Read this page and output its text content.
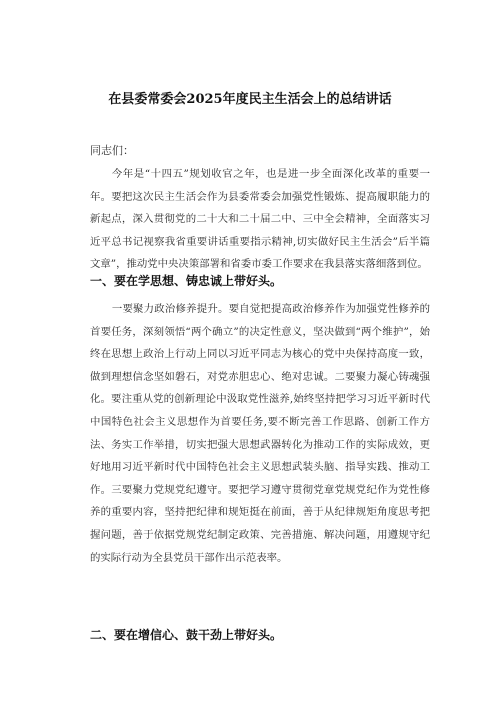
在县委常委会2025年度民主生活会上的总结讲话
同志们：
今年是“十四五”规划收官之年，也是进一步全面深化改革的重要一年。要把这次民主生活会作为县委常委会加强党性锻炼、提高履职能力的新起点，深入贯彻党的二十大和二十届二中、三中全会精神，全面落实习近平总书记视察我省重要讲话重要指示精神,切实做好民主生活会”后半篇文章”，推动党中央决策部署和省委市委工作要求在我县落实落细落到位。
一、要在学思想、铸忠诚上带好头。
一要聚力政治修养提升。要自觉把提高政治修养作为加强党性修养的首要任务，深刻领悟“两个确立”的决定性意义，坚决做到“两个维护”，始终在思想上政治上行动上同以习近平同志为核心的党中央保持高度一致，做到理想信念坚如磐石，对党赤胆忠心、绝对忠诚。二要聚力凝心铸魂强化。要注重从党的创新理论中汲取党性滋养,始终坚持把学习习近平新时代中国特色社会主义思想作为首要任务,要不断完善工作思路、创新工作方法、务实工作举措，切实把强大思想武器转化为推动工作的实际成效，更好地用习近平新时代中国特色社会主义思想武装头脑、指导实践、推动工作。三要聚力党规党纪遵守。要把学习遵守贯彻党章党规党纪作为党性修养的重要内容，坚持把纪律和规矩挺在前面，善于从纪律规矩角度思考把握问题，善于依据党规党纪制定政策、完善措施、解决问题，用遵规守纪的实际行动为全县党员干部作出示范表率。
二、要在增信心、鼓干劲上带好头。
